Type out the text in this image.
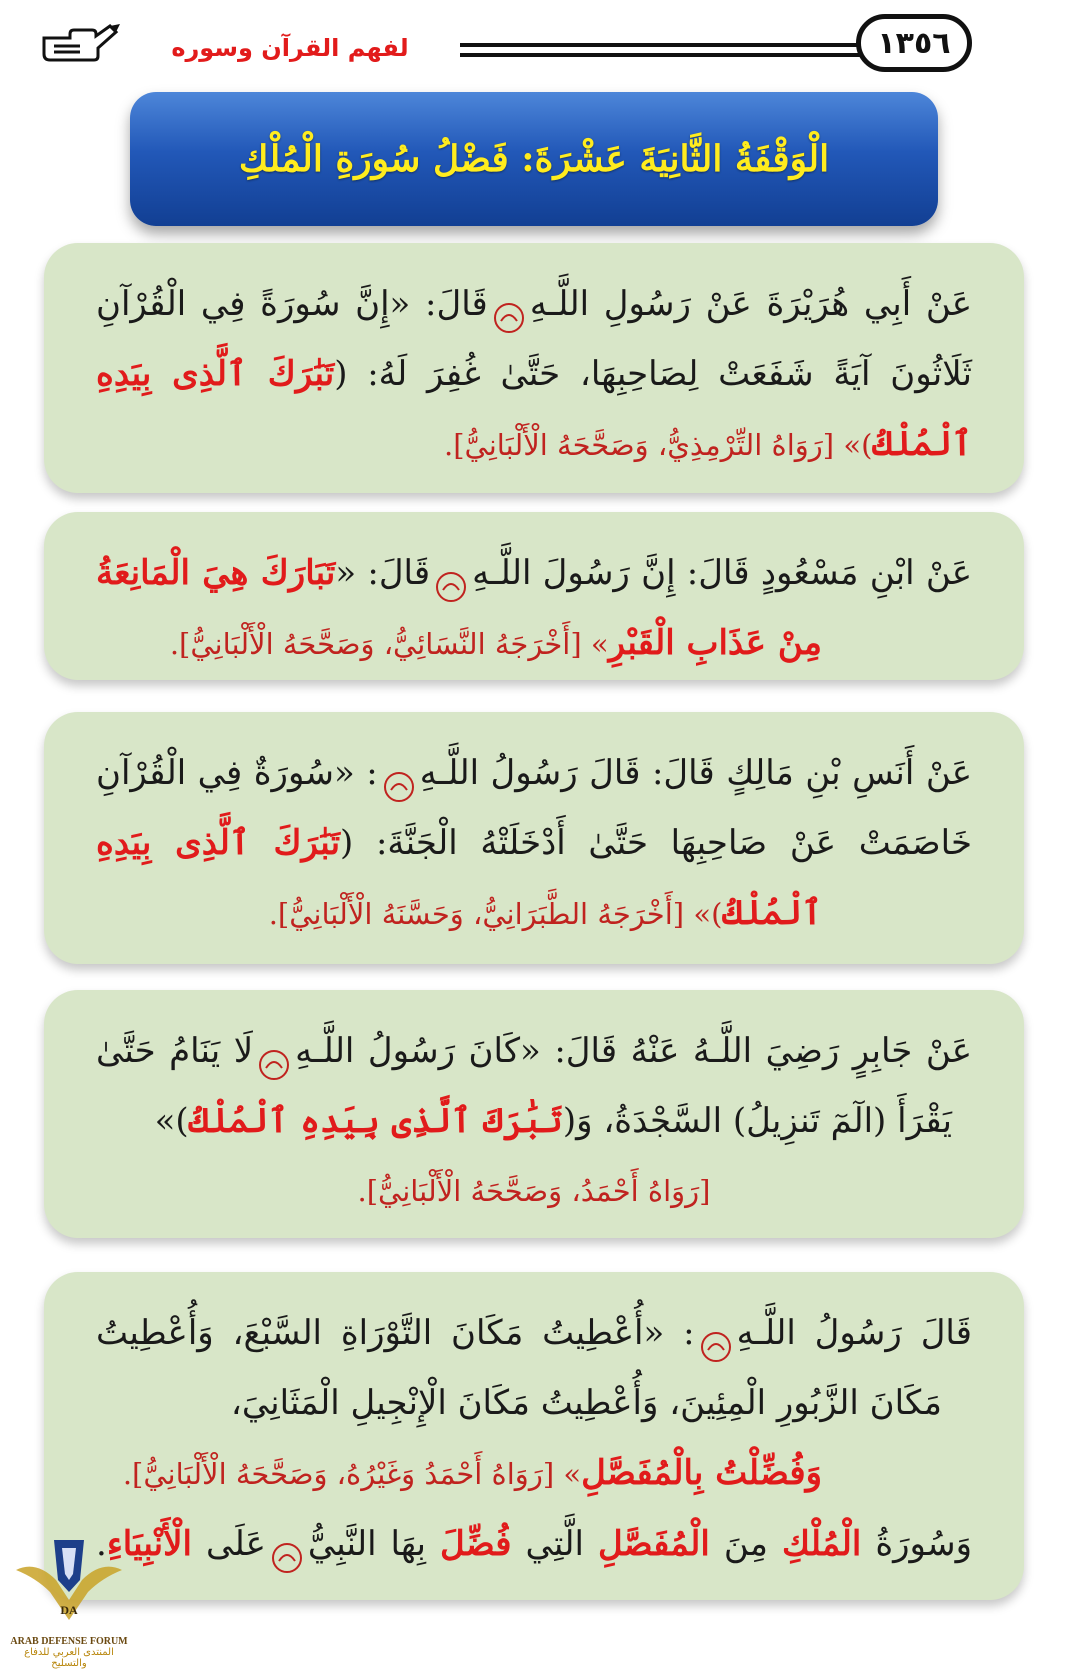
١٣٥٦
لفهم القرآن وسوره
الْوَقْفَةُ الثَّانِيَةَ عَشْرَةَ: فَضْلُ سُورَةِ الْمُلْكِ
عَنْ أَبِي هُرَيْرَةَ عَنْ رَسُولِ اللَّـهِقَالَ: «إِنَّ سُورَةً فِي الْقُرْآنِ
ثَلَاثُونَ آيَةً شَفَعَتْ لِصَاحِبِهَا، حَتَّىٰ غُفِرَ لَهُ: (تَبَٰرَكَ ٱلَّذِى بِيَدِهِ
ٱلْمُلْكُ)» [رَوَاهُ التِّرْمِذِيُّ، وَصَحَّحَهُ الْأَلْبَانِيُّ].
عَنْ ابْنِ مَسْعُودٍ قَالَ: إِنَّ رَسُولَ اللَّـهِقَالَ: «تَبَارَكَ هِيَ الْمَانِعَةُ
مِنْ عَذَابِ الْقَبْرِ» [أَخْرَجَهُ النَّسَائِيُّ، وَصَحَّحَهُ الْأَلْبَانِيُّ].
عَنْ أَنَسِ بْنِ مَالِكٍ قَالَ: قَالَ رَسُولُ اللَّـهِ: «سُورَةٌ فِي الْقُرْآنِ
خَاصَمَتْ عَنْ صَاحِبِهَا حَتَّىٰ أَدْخَلَتْهُ الْجَنَّةَ: (تَبَٰرَكَ ٱلَّذِى بِيَدِهِ
ٱلْمُلْكُ)» [أَخْرَجَهُ الطَّبَرَانِيُّ، وَحَسَّنَهُ الْأَلْبَانِيُّ].
عَنْ جَابِرٍ رَضِيَ اللَّـهُ عَنْهُ قَالَ: «كَانَ رَسُولُ اللَّـهِلَا يَنَامُ حَتَّىٰ
يَقْرَأَ (الٓمٓ تَنزِيلُ) السَّجْدَةُ، وَ(تَبَٰرَكَ ٱلَّذِى بِيَدِهِ ٱلْمُلْكُ)»
[رَوَاهُ أَحْمَدُ، وَصَحَّحَهُ الْأَلْبَانِيُّ].
قَالَ رَسُولُ اللَّـهِ: «أُعْطِيتُ مَكَانَ التَّوْرَاةِ السَّبْعَ، وَأُعْطِيتُ
مَكَانَ الزَّبُورِ الْمِئِينَ، وَأُعْطِيتُ مَكَانَ الْإِنْجِيلِ الْمَثَانِيَ،
وَفُضِّلْتُ بِالْمُفَصَّلِ» [رَوَاهُ أَحْمَدُ وَغَيْرُهُ، وَصَحَّحَهُ الْأَلْبَانِيُّ].
وَسُورَةُ الْمُلْكِ مِنَ الْمُفَصَّلِ الَّتِي فُضِّلَ بِهَا النَّبِيُّعَلَى الْأَنْبِيَاءِ.
DA
ARAB DEFENSE FORUM
المنتدى العربي للدفاع والتسليح
